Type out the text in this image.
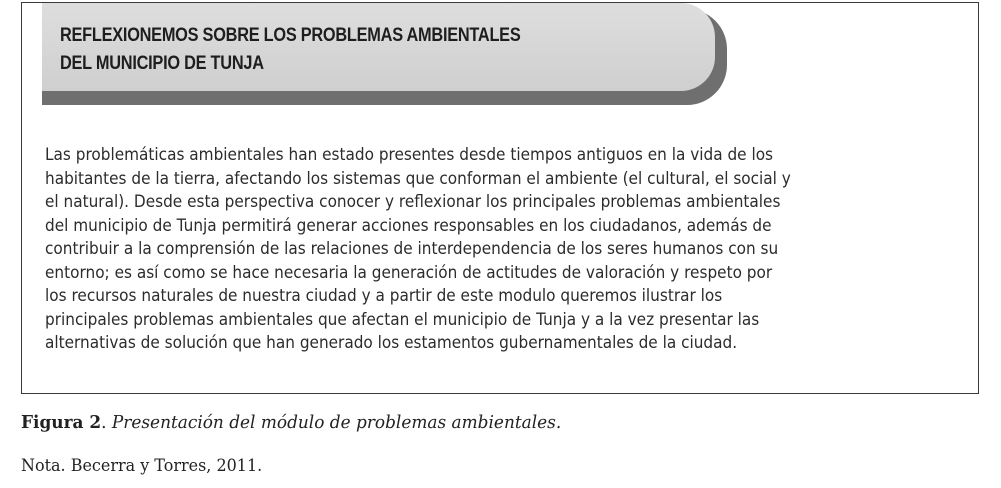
REFLEXIONEMOS SOBRE LOS PROBLEMAS AMBIENTALES
DEL MUNICIPIO DE TUNJA

Las problemáticas ambientales han estado presentes desde tiempos antiguos en la vida de los
habitantes de la tierra, afectando los sistemas que conforman el ambiente (el cultural, el social y
el natural). Desde esta perspectiva conocer y reflexionar los principales problemas ambientales
del municipio de Tunja permitirá generar acciones responsables en los ciudadanos, además de
contribuir a la comprensión de las relaciones de interdependencia de los seres humanos con su
entorno; es así como se hace necesaria la generación de actitudes de valoración y respeto por
los recursos naturales de nuestra ciudad y a partir de este modulo queremos ilustrar los
principales problemas ambientales que afectan el municipio de Tunja y a la vez presentar las
alternativas de solución que han generado los estamentos gubernamentales de la ciudad.

Figura 2. Presentación del módulo de problemas ambientales.

Nota. Becerra y Torres, 2011.
